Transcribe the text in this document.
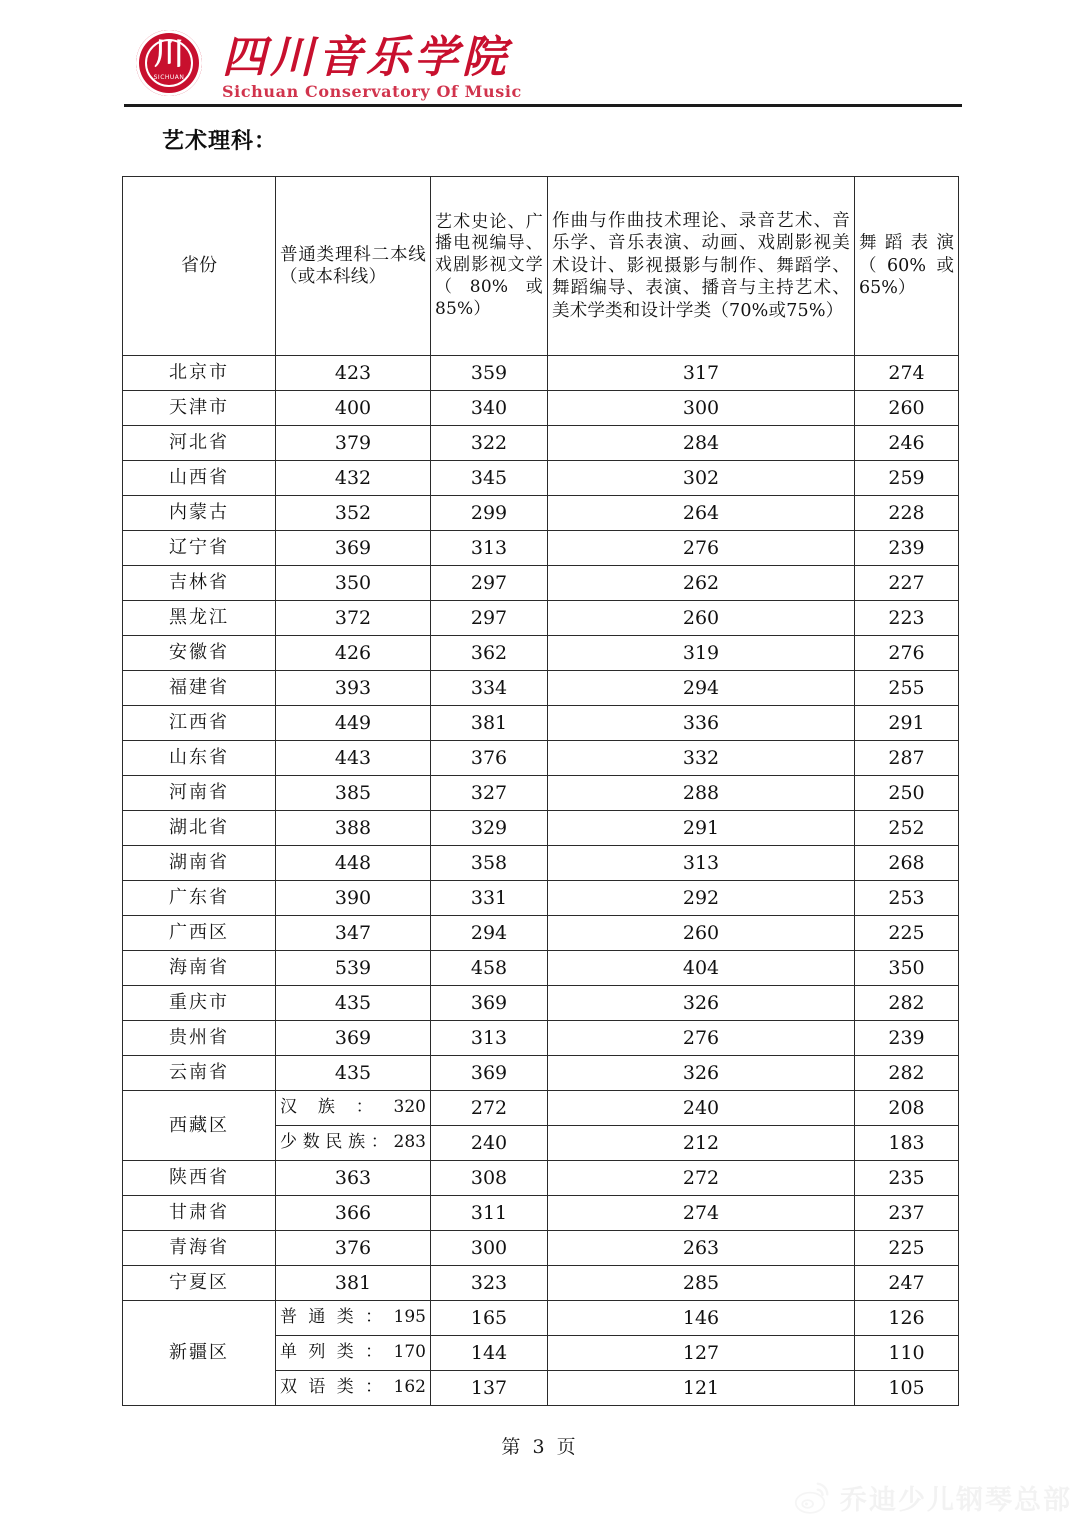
川
SICHUAN 四川音乐学院
Sichuan Conservatory Of Music
艺术理科：
省份	普通类理科二本线（或本科线）	艺术史论、广播电视编导、戏剧影视文学（80%或85%）	作曲与作曲技术理论、录音艺术、音乐学、音乐表演、动画、戏剧影视美术设计、影视摄影与制作、舞蹈学、舞蹈编导、表演、播音与主持艺术、美术学类和设计学类（70%或75%）	舞蹈表演（60%或65%）
北京市	423	359	317	274
天津市	400	340	300	260
河北省	379	322	284	246
山西省	432	345	302	259
内蒙古	352	299	264	228
辽宁省	369	313	276	239
吉林省	350	297	262	227
黑龙江	372	297	260	223
安徽省	426	362	319	276
福建省	393	334	294	255
江西省	449	381	336	291
山东省	443	376	332	287
河南省	385	327	288	250
湖北省	388	329	291	252
湖南省	448	358	313	268
广东省	390	331	292	253
广西区	347	294	260	225
海南省	539	458	404	350
重庆市	435	369	326	282
贵州省	369	313	276	239
云南省	435	369	326	282
西藏区	汉族：320	272	240	208
	少数民族：283	240	212	183
陕西省	363	308	272	235
甘肃省	366	311	274	237
青海省	376	300	263	225
宁夏区	381	323	285	247
新疆区	普通类：195	165	146	126
	单列类：170	144	127	110
	双语类：162	137	121	105
第 3 页
乔迪少儿钢琴总部
